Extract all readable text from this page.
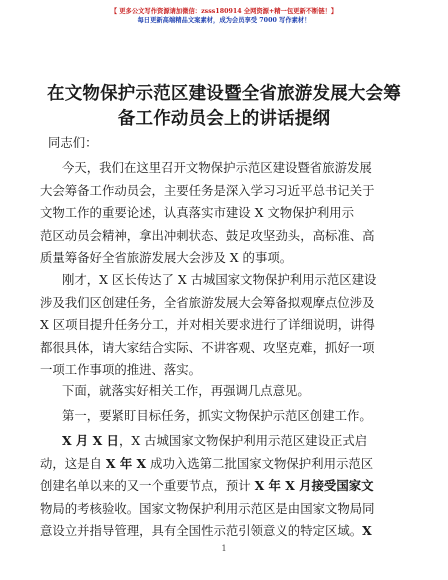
【 更多公文写作资源请加微信：zsss180914 全网资源+精一包更新不断链！】
每日更新高端精品文案素材，成为会员享受 7000 写作素材！
在文物保护示范区建设暨全省旅游发展大会筹
备工作动员会上的讲话提纲
同志们：
今天，我们在这里召开文物保护示范区建设暨省旅游发展
大会筹备工作动员会，主要任务是深入学习习近平总书记关于
文物工作的重要论述，认真落实市建设 X 文物保护利用示
范区动员会精神，拿出冲刺状态、鼓足攻坚劲头，高标准、高
质量筹备好全省旅游发展大会涉及 X 的事项。
刚才，X 区长传达了 X 古城国家文物保护利用示范区建设
涉及我们区创建任务，全省旅游发展大会筹备拟观摩点位涉及
X 区项目提升任务分工，并对相关要求进行了详细说明，讲得
都很具体，请大家结合实际、不讲客观、攻坚克难，抓好一项
一项工作事项的推进、落实。
下面，就落实好相关工作，再强调几点意见。
第一，要紧盯目标任务，抓实文物保护示范区创建工作。
X 月 X 日，X 古城国家文物保护利用示范区建设正式启
动，这是自 X 年 X 成功入选第二批国家文物保护利用示范区
创建名单以来的又一个重要节点，预计 X 年 X 月接受国家文
物局的考核验收。国家文物保护利用示范区是由国家文物局同
意设立并指导管理，具有全国性示范引领意义的特定区域。X
1
